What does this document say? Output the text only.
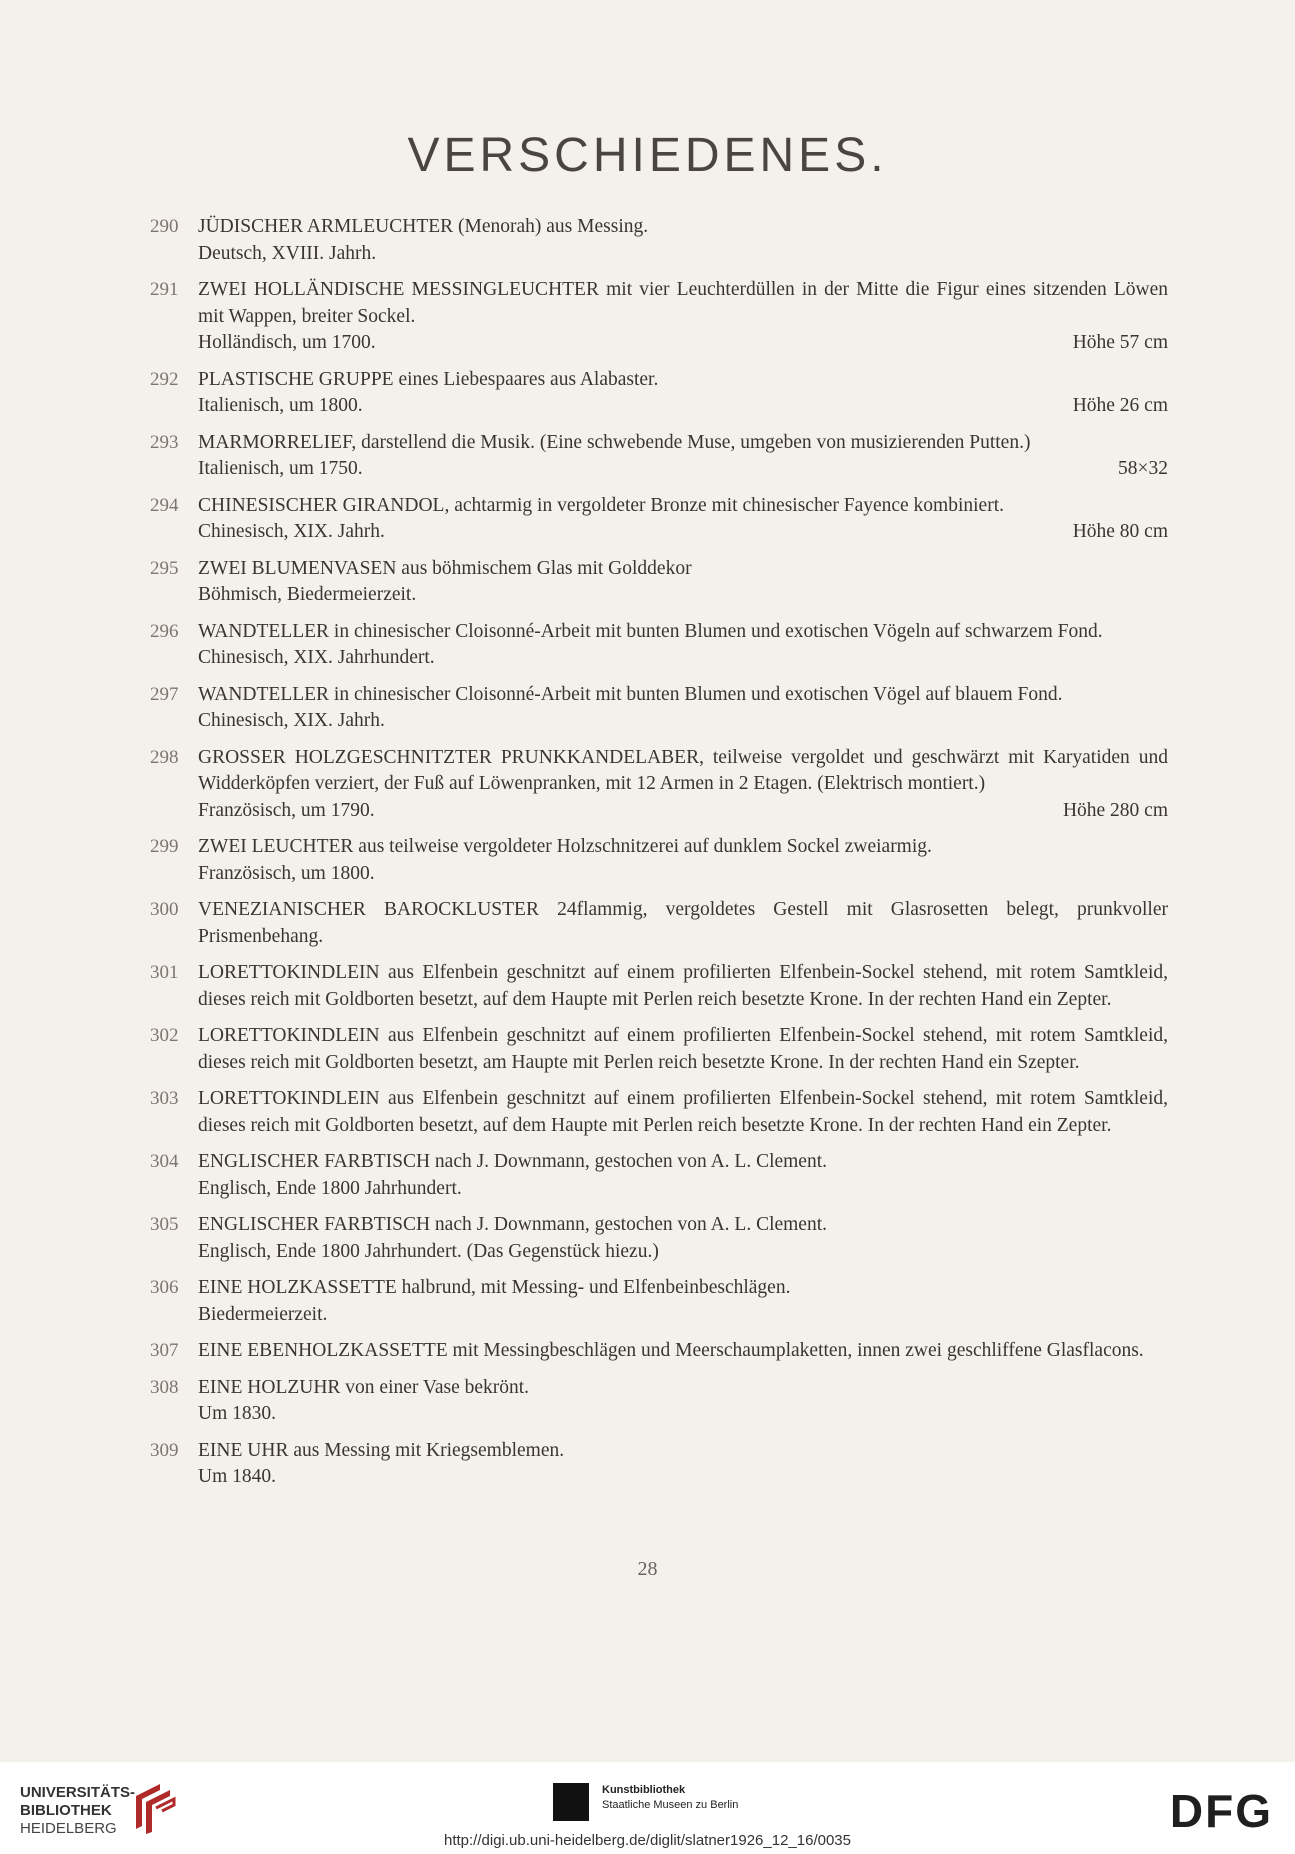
VERSCHIEDENES.
290	JÜDISCHER ARMLEUCHTER (Menorah) aus Messing.
Deutsch, XVIII. Jahrh.
291	ZWEI HOLLÄNDISCHE MESSINGLEUCHTER mit vier Leuchterdüllen in der Mitte die Figur eines sitzenden Löwen mit Wappen, breiter Sockel.
Holländisch, um 1700.	Höhe 57 cm
292	PLASTISCHE GRUPPE eines Liebespaares aus Alabaster.
Italienisch, um 1800.	Höhe 26 cm
293	MARMORRELIEF, darstellend die Musik. (Eine schwebende Muse, umgeben von musizierenden Putten.)
Italienisch, um 1750.	58×32
294	CHINESISCHER GIRANDOL, achtarmig in vergoldeter Bronze mit chinesischer Fayence kombiniert.
Chinesisch, XIX. Jahrh.	Höhe 80 cm
295	ZWEI BLUMENVASEN aus böhmischem Glas mit Golddekor
Böhmisch, Biedermeierzeit.
296	WANDTELLER in chinesischer Cloisonné-Arbeit mit bunten Blumen und exotischen Vögeln auf schwarzem Fond.
Chinesisch, XIX. Jahrhundert.
297	WANDTELLER in chinesischer Cloisonné-Arbeit mit bunten Blumen und exotischen Vögel auf blauem Fond.
Chinesisch, XIX. Jahrh.
298	GROSSER HOLZGESCHNITZTER PRUNKKANDELABER, teilweise vergoldet und geschwärzt mit Karyatiden und Widderköpfen verziert, der Fuß auf Löwenpranken, mit 12 Armen in 2 Etagen. (Elektrisch montiert.)
Französisch, um 1790.	Höhe 280 cm
299	ZWEI LEUCHTER aus teilweise vergoldeter Holzschnitzerei auf dunklem Sockel zweiarmig.
Französisch, um 1800.
300	VENEZIANISCHER BAROCKLUSTER 24flammig, vergoldetes Gestell mit Glasrosetten belegt, prunkvoller Prismenbehang.
301	LORETTOKINDLEIN aus Elfenbein geschnitzt auf einem profilierten Elfenbein-Sockel stehend, mit rotem Samtkleid, dieses reich mit Goldborten besetzt, auf dem Haupte mit Perlen reich besetzte Krone. In der rechten Hand ein Zepter.
302	LORETTOKINDLEIN aus Elfenbein geschnitzt auf einem profilierten Elfenbein-Sockel stehend, mit rotem Samtkleid, dieses reich mit Goldborten besetzt, am Haupte mit Perlen reich besetzte Krone. In der rechten Hand ein Szepter.
303	LORETTOKINDLEIN aus Elfenbein geschnitzt auf einem profilierten Elfenbein-Sockel stehend, mit rotem Samtkleid, dieses reich mit Goldborten besetzt, auf dem Haupte mit Perlen reich besetzte Krone. In der rechten Hand ein Zepter.
304	ENGLISCHER FARBTISCH nach J. Downmann, gestochen von A. L. Clement.
Englisch, Ende 1800 Jahrhundert.
305	ENGLISCHER FARBTISCH nach J. Downmann, gestochen von A. L. Clement.
Englisch, Ende 1800 Jahrhundert. (Das Gegenstück hiezu.)
306	EINE HOLZKASSETTE halbrund, mit Messing- und Elfenbeinbeschlägen.
Biedermeierzeit.
307	EINE EBENHOLZKASSETTE mit Messingbeschlägen und Meerschaumplaketten, innen zwei geschliffene Glasflacons.
308	EINE HOLZUHR von einer Vase bekrönt.
Um 1830.
309	EINE UHR aus Messing mit Kriegsemblemen.
Um 1840.
28
UNIVERSITÄTS-
BIBLIOTHEK
HEIDELBERG
Kunstbibliothek
Staatliche Museen zu Berlin	DFG
http://digi.ub.uni-heidelberg.de/diglit/slatner1926_12_16/0035
